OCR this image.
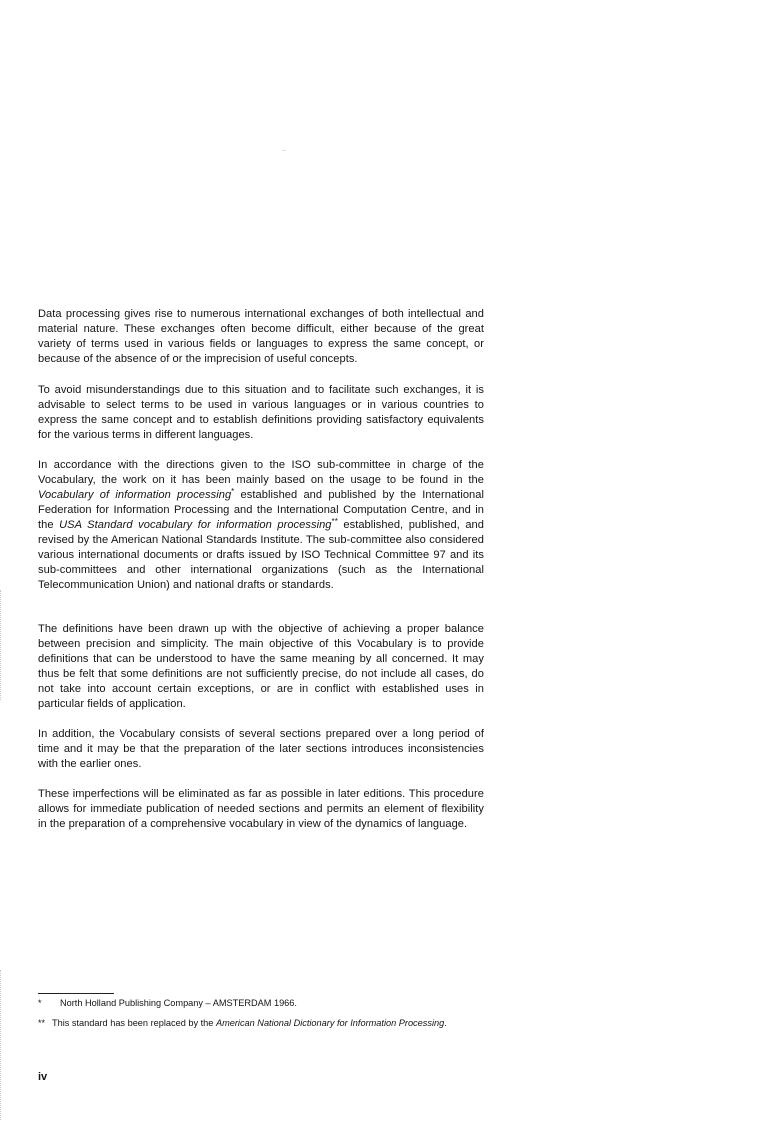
Data processing gives rise to numerous international exchanges of both intellectual and material nature. These exchanges often become difficult, either because of the great variety of terms used in various fields or languages to express the same concept, or because of the absence of or the imprecision of useful concepts.

To avoid misunderstandings due to this situation and to facilitate such exchanges, it is advisable to select terms to be used in various languages or in various countries to express the same concept and to establish definitions providing satisfactory equivalents for the various terms in different languages.

In accordance with the directions given to the ISO sub-committee in charge of the Vocabulary, the work on it has been mainly based on the usage to be found in the Vocabulary of information processing* established and published by the International Federation for Information Processing and the International Computation Centre, and in the USA Standard vocabulary for information processing** established, published, and revised by the American National Standards Institute. The sub-committee also considered various international documents or drafts issued by ISO Technical Committee 97 and its sub-committees and other international organizations (such as the International Telecommunication Union) and national drafts or standards.

The definitions have been drawn up with the objective of achieving a proper balance between precision and simplicity. The main objective of this Vocabulary is to provide definitions that can be understood to have the same meaning by all concerned. It may thus be felt that some definitions are not sufficiently precise, do not include all cases, do not take into account certain exceptions, or are in conflict with established uses in particular fields of application.

In addition, the Vocabulary consists of several sections prepared over a long period of time and it may be that the preparation of the later sections introduces inconsistencies with the earlier ones.

These imperfections will be eliminated as far as possible in later editions. This procedure allows for immediate publication of needed sections and permits an element of flexibility in the preparation of a comprehensive vocabulary in view of the dynamics of language.

* North Holland Publishing Company – AMSTERDAM 1966.
** This standard has been replaced by the American National Dictionary for Information Processing.
iv
